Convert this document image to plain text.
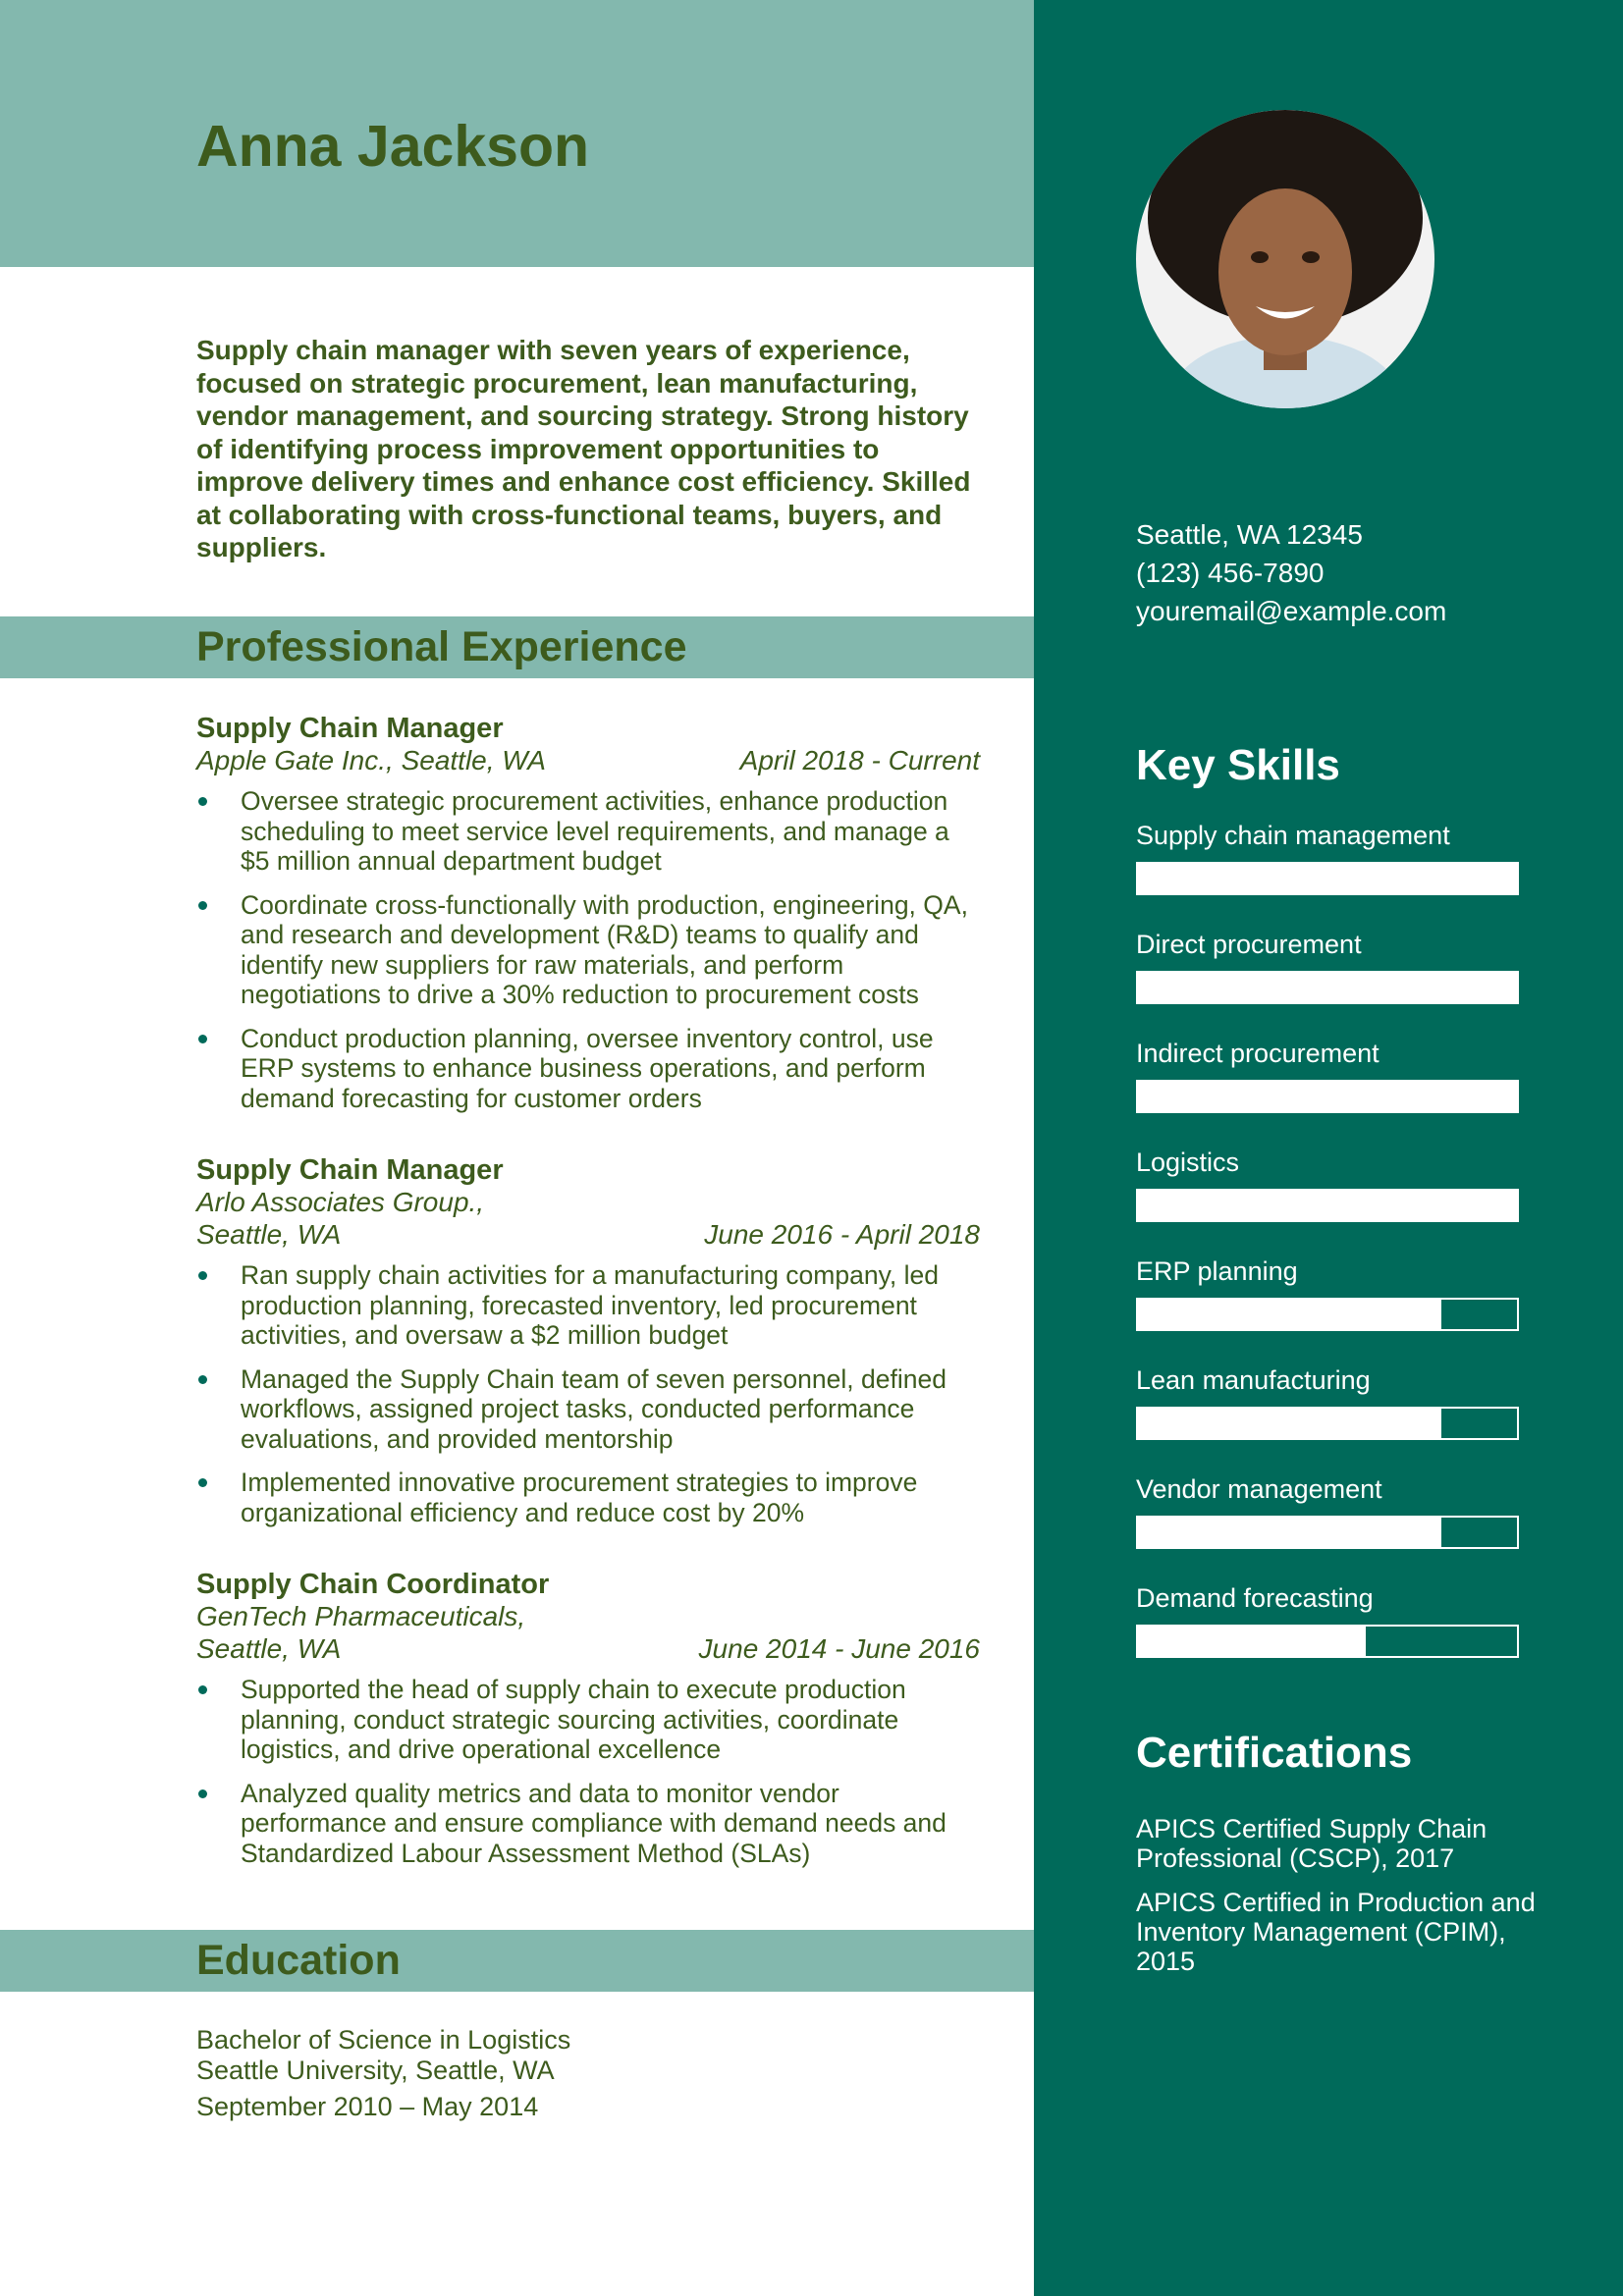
Anna Jackson

Supply chain manager with seven years of experience, focused on strategic procurement, lean manufacturing, vendor management, and sourcing strategy. Strong history of identifying process improvement opportunities to improve delivery times and enhance cost efficiency. Skilled at collaborating with cross-functional teams, buyers, and suppliers.

Professional Experience
Supply Chain Manager
Apple Gate Inc., Seattle, WA	April 2018 - Current
Oversee strategic procurement activities, enhance production scheduling to meet service level requirements, and manage a $5 million annual department budget
Coordinate cross-functionally with production, engineering, QA, and research and development (R&D) teams to qualify and identify new suppliers for raw materials, and perform negotiations to drive a 30% reduction to procurement costs
Conduct production planning, oversee inventory control, use ERP systems to enhance business operations, and perform demand forecasting for customer orders
Supply Chain Manager
Arlo Associates Group.,
Seattle, WA	June 2016 - April 2018
Ran supply chain activities for a manufacturing company, led production planning, forecasted inventory, led procurement activities, and oversaw a $2 million budget
Managed the Supply Chain team of seven personnel, defined workflows, assigned project tasks, conducted performance evaluations, and provided mentorship
Implemented innovative procurement strategies to improve organizational efficiency and reduce cost by 20%
Supply Chain Coordinator
GenTech Pharmaceuticals,
Seattle, WA	June 2014 - June 2016
Supported the head of supply chain to execute production planning, conduct strategic sourcing activities, coordinate logistics, and drive operational excellence
Analyzed quality metrics and data to monitor vendor performance and ensure compliance with demand needs and Standardized Labour Assessment Method (SLAs)
Education
Bachelor of Science in Logistics
Seattle University, Seattle, WA
September 2010 – May 2014
Seattle, WA 12345
(123) 456-7890
youremail@example.com
Key Skills
Supply chain management
Direct procurement
Indirect procurement
Logistics
ERP planning
Lean manufacturing
Vendor management
Demand forecasting
Certifications
APICS Certified Supply Chain Professional (CSCP), 2017
APICS Certified in Production and Inventory Management (CPIM), 2015
